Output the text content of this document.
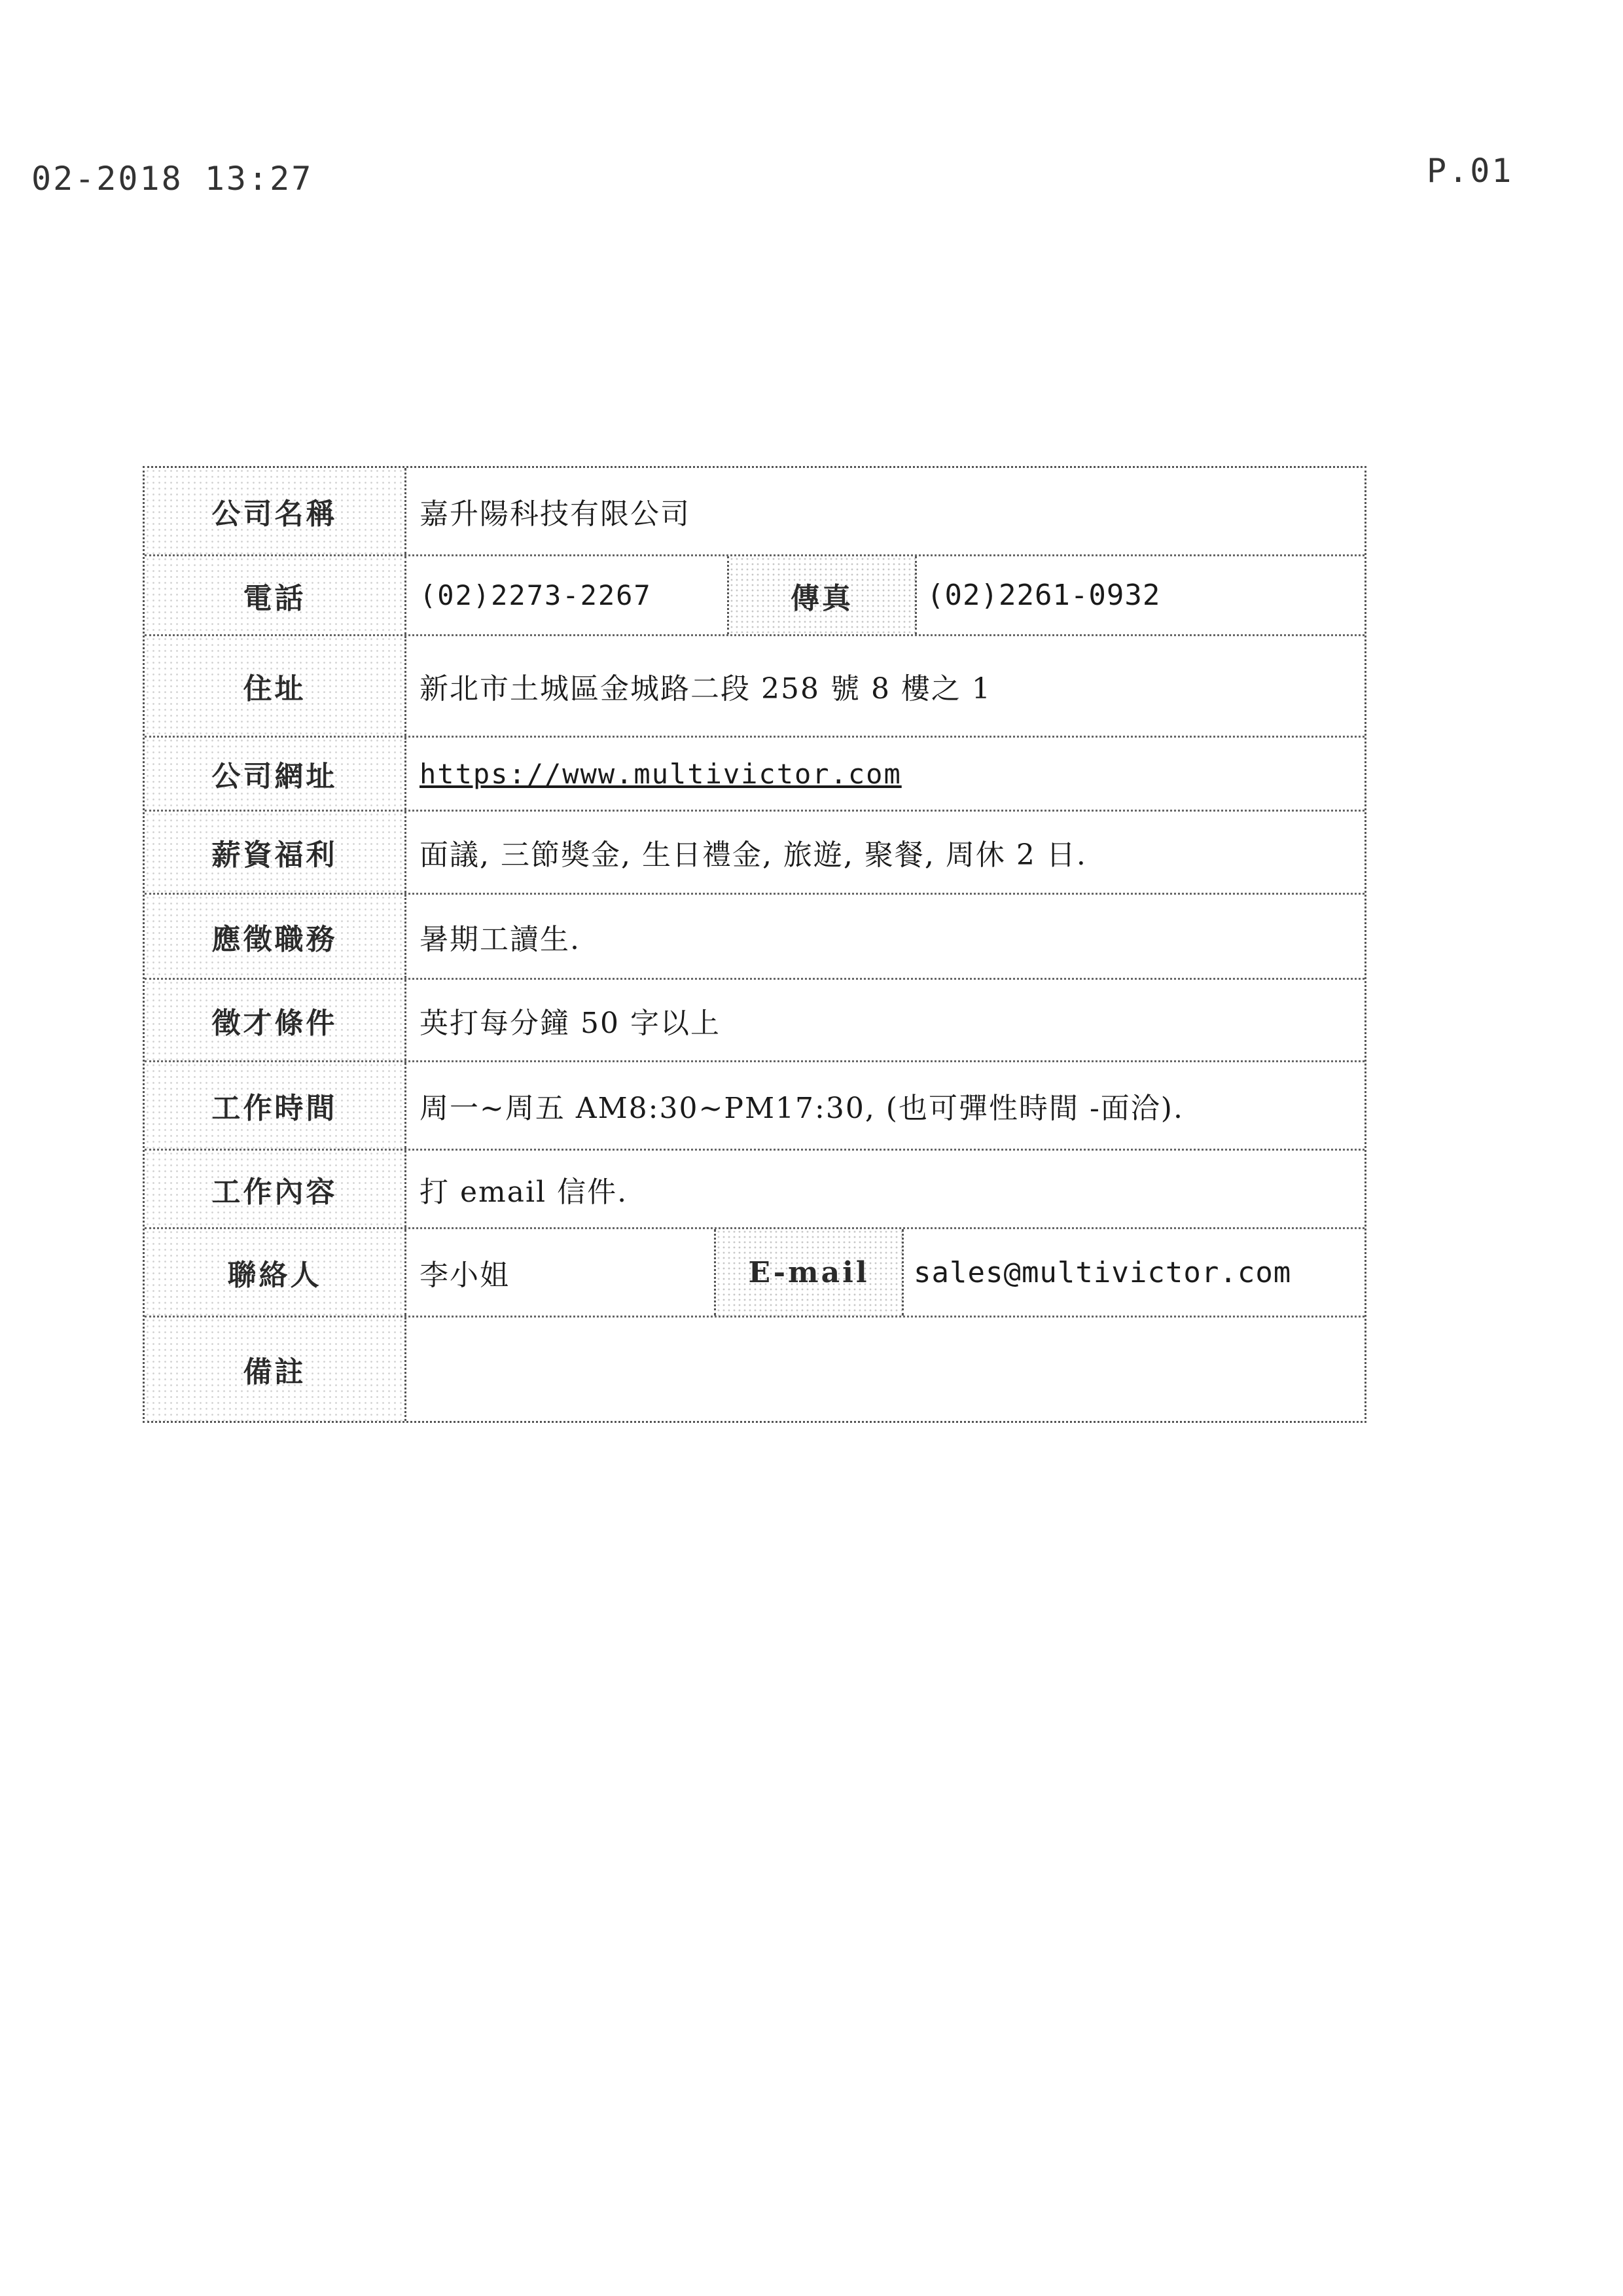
02-2018 13:27	P.01
公司名稱	嘉升陽科技有限公司
電話	(02)2273-2267	傳真	(02)2261-0932
住址	新北市土城區金城路二段 258 號 8 樓之 1
公司網址	https://www.multivictor.com
薪資福利	面議, 三節獎金, 生日禮金, 旅遊, 聚餐, 周休 2 日.
應徵職務	暑期工讀生.
徵才條件	英打每分鐘 50 字以上
工作時間	周一~周五 AM8:30~PM17:30, (也可彈性時間 -面洽).
工作內容	打 email 信件.
聯絡人	李小姐	E-mail	sales@multivictor.com
備註
